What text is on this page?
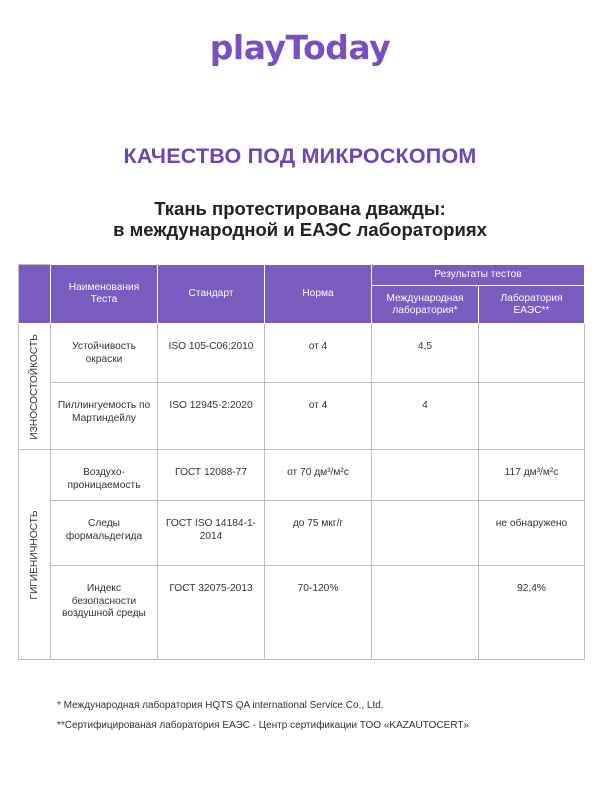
playToday
КАЧЕСТВО ПОД МИКРОСКОПОМ
Ткань протестирована дважды:
в международной и ЕАЭС лабораториях
	Наименования Теста	Стандарт	Норма	Результаты тестов	
				Международная лаборатория*	Лаборатория ЕАЭС**

ИЗНОСОСТОЙКОСТЬ	Устойчивость окраски	ISO 105-C06:2010	от 4	4,5	
	Пиллингуемость по Мартиндейлу	ISO 12945-2:2020	от 4	4	

ГИГИЕНИЧНОСТЬ	Воздухо-проницаемость	ГОСТ 12088-77	от 70 дм³/м²с		117 дм³/м²с
	Следы формальдегида	ГОСТ ISO 14184-1-2014	до 75 мкг/г		не обнаружено
	Индекс безопасности воздушной среды	ГОСТ 32075-2013	70-120%		92,4%
* Международная лаборатория HQTS QA international Service Co., Ltd.
**Сертифицированая лаборатория ЕАЭС - Центр сертификации ТОО «KAZAUTOCERT»
